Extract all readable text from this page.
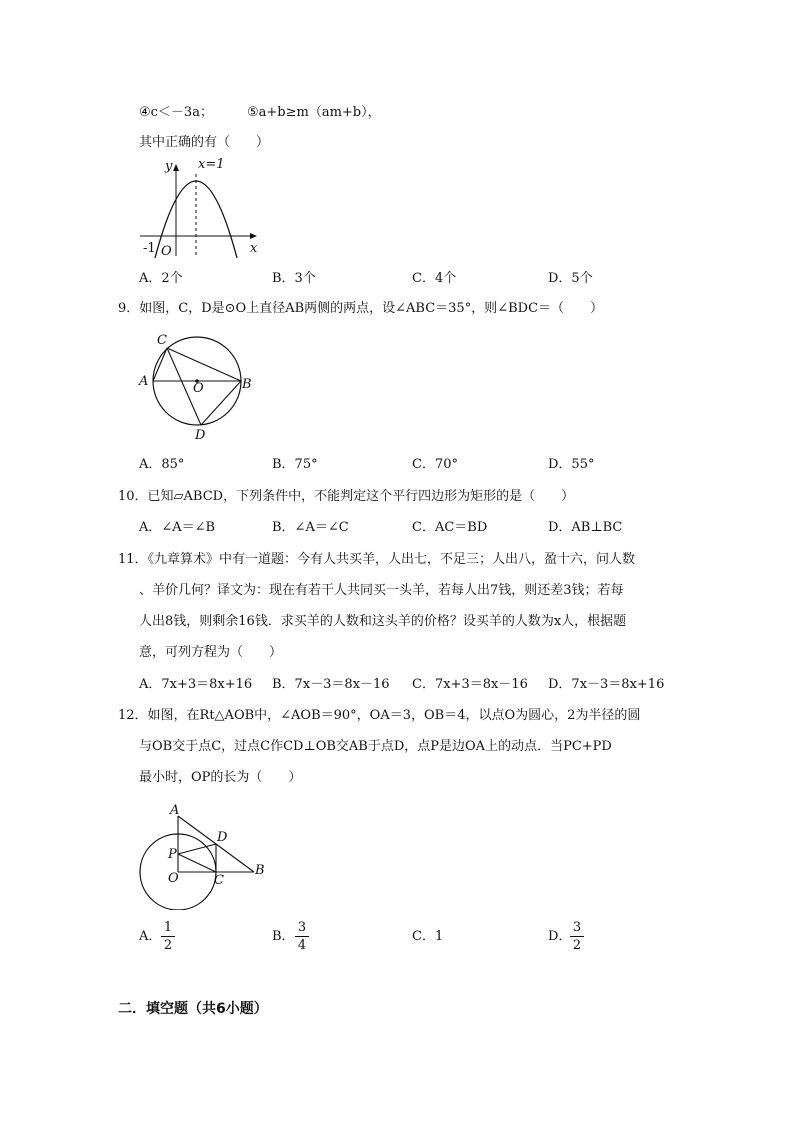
④c＜－3a；	⑤a+b≥m（am+b），
其中正确的有（　　）
y x=1
-1 O	x
A．2个	B．3个	C．4个	D．5个
9．如图，C，D是⊙O上直径AB两侧的两点，设∠ABC＝35°，则∠BDC＝（　　）
A	B
C
D
O
A．85°	B．75°	C．70°	D．55°
10．已知▱ABCD，下列条件中，不能判定这个平行四边形为矩形的是（　　）
A．∠A＝∠B	B．∠A＝∠C	C．AC＝BD	D．AB⊥BC
11．《九章算术》中有一道题：今有人共买羊，人出七，不足三；人出八，盈十六，问人数
、羊价几何？译文为：现在有若干人共同买一头羊，若每人出7钱，则还差3钱；若每
人出8钱，则剩余16钱．求买羊的人数和这头羊的价格？设买羊的人数为x人，根据题
意，可列方程为（　　）
A．7x+3＝8x+16 B．7x－3＝8x－16 C．7x+3＝8x－16 D．7x－3＝8x+16
12．如图，在Rt△AOB中，∠AOB＝90°，OA＝3，OB＝4，以点O为圆心，2为半径的圆
与OB交于点C，过点C作CD⊥OB交AB于点D，点P是边OA上的动点．当PC+PD
最小时，OP的长为（　　）
A
D
P
O	C
B
A． $\frac{1}{2}$	B． $\frac{3}{4}$	C．1	D．
$\frac{3}{2}$
二．填空题（共6小题）
